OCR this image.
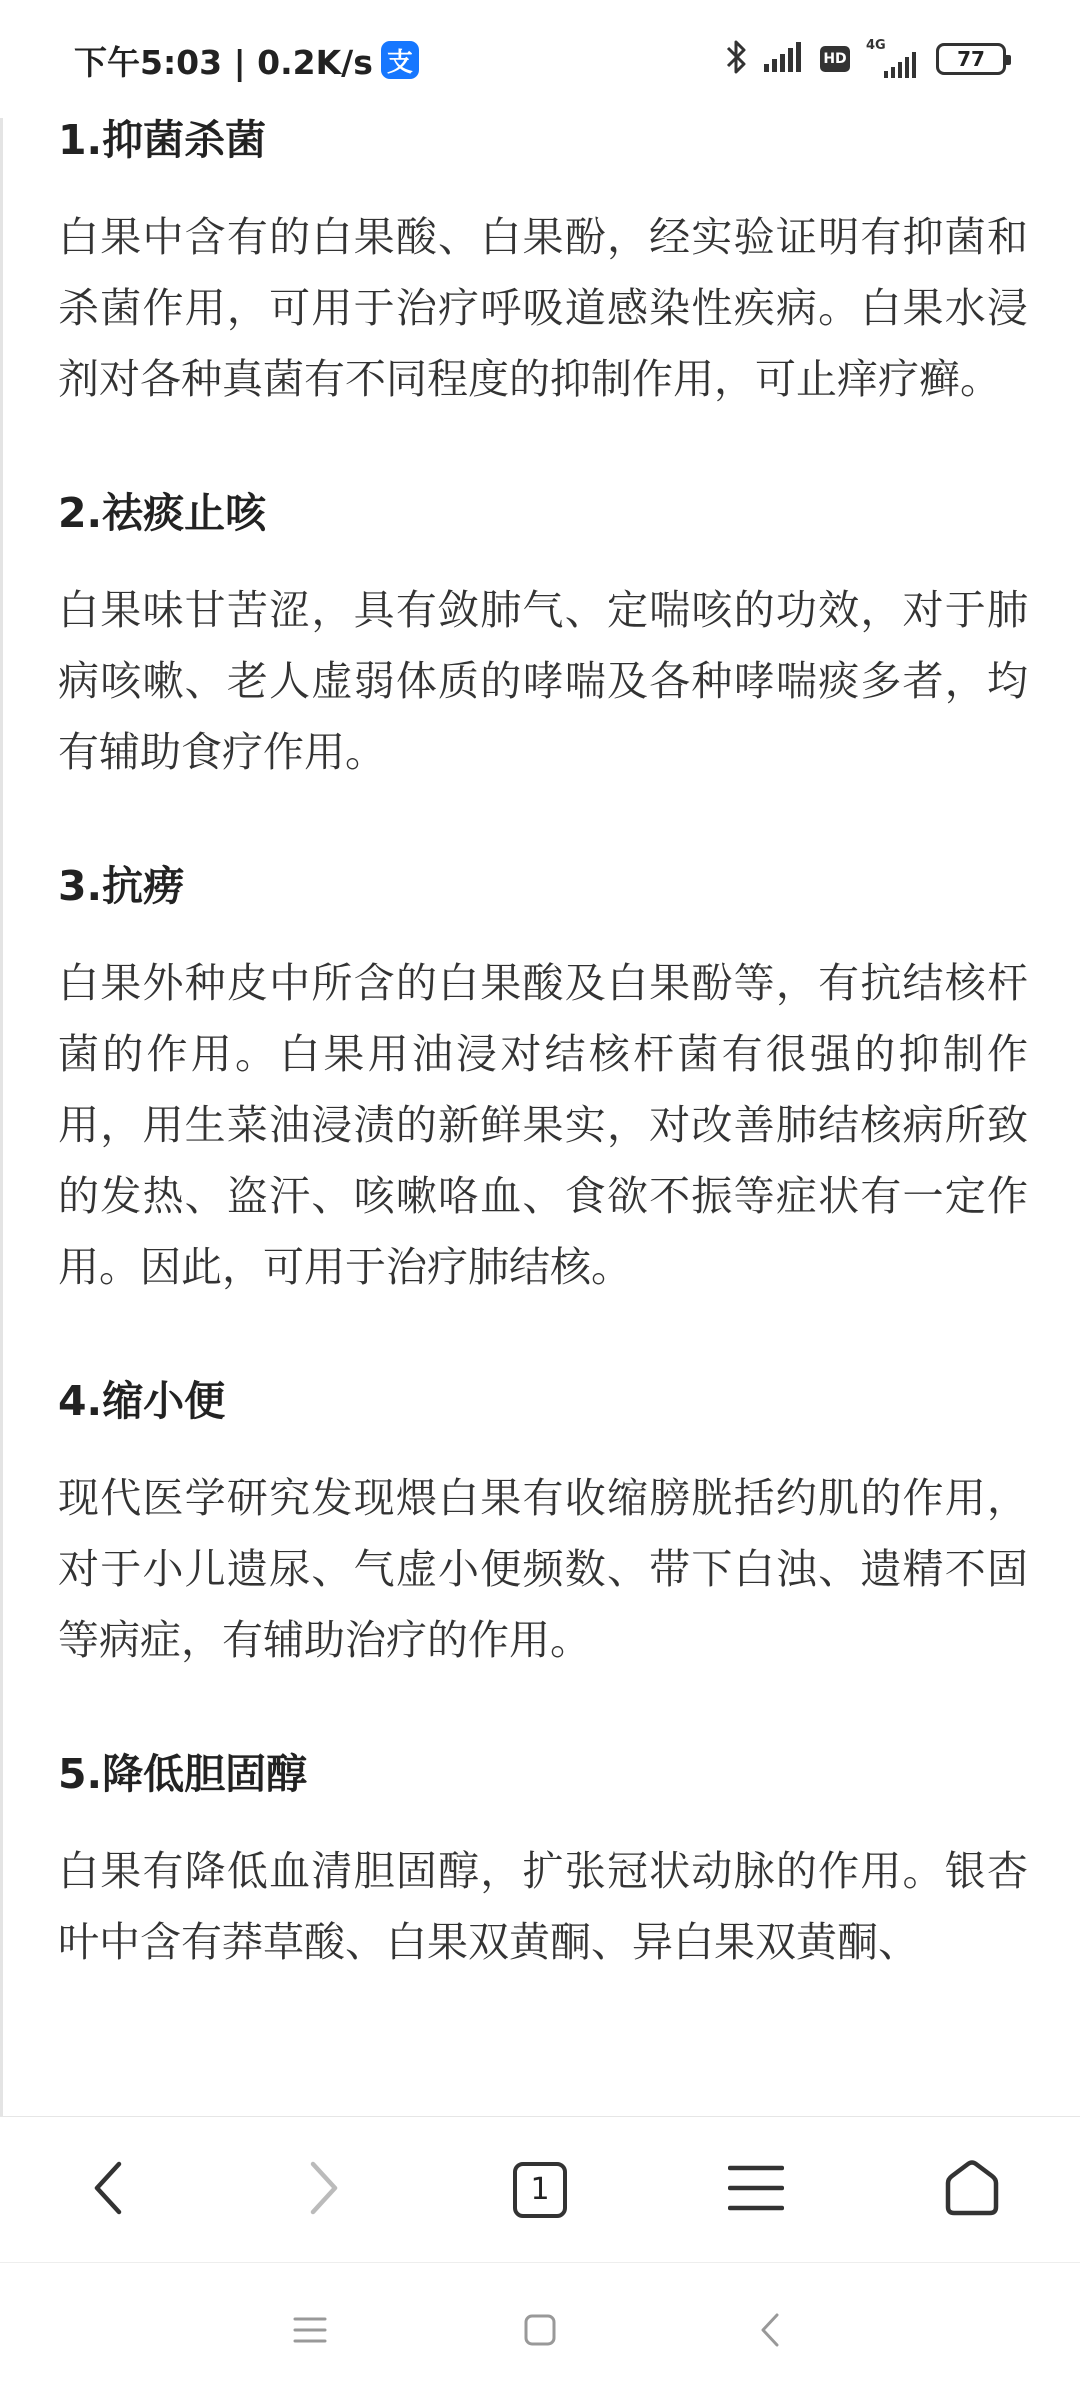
下午5:03 | 0.2K/s 支	HD
4G
77
1.抑菌杀菌
白果中含有的白果酸、白果酚，经实验证明有抑菌和杀菌作用，可用于治疗呼吸道感染性疾病。白果水浸剂对各种真菌有不同程度的抑制作用，可止痒疗癣。
2.祛痰止咳
白果味甘苦涩，具有敛肺气、定喘咳的功效，对于肺病咳嗽、老人虚弱体质的哮喘及各种哮喘痰多者，均有辅助食疗作用。
3.抗痨
白果外种皮中所含的白果酸及白果酚等，有抗结核杆菌的作用。白果用油浸对结核杆菌有很强的抑制作用，用生菜油浸渍的新鲜果实，对改善肺结核病所致的发热、盗汗、咳嗽咯血、食欲不振等症状有一定作用。因此，可用于治疗肺结核。
4.缩小便
现代医学研究发现煨白果有收缩膀胱括约肌的作用，对于小儿遗尿、气虚小便频数、带下白浊、遗精不固等病症，有辅助治疗的作用。
5.降低胆固醇
白果有降低血清胆固醇，扩张冠状动脉的作用。银杏叶中含有莽草酸、白果双黄酮、异白果双黄酮、
1
